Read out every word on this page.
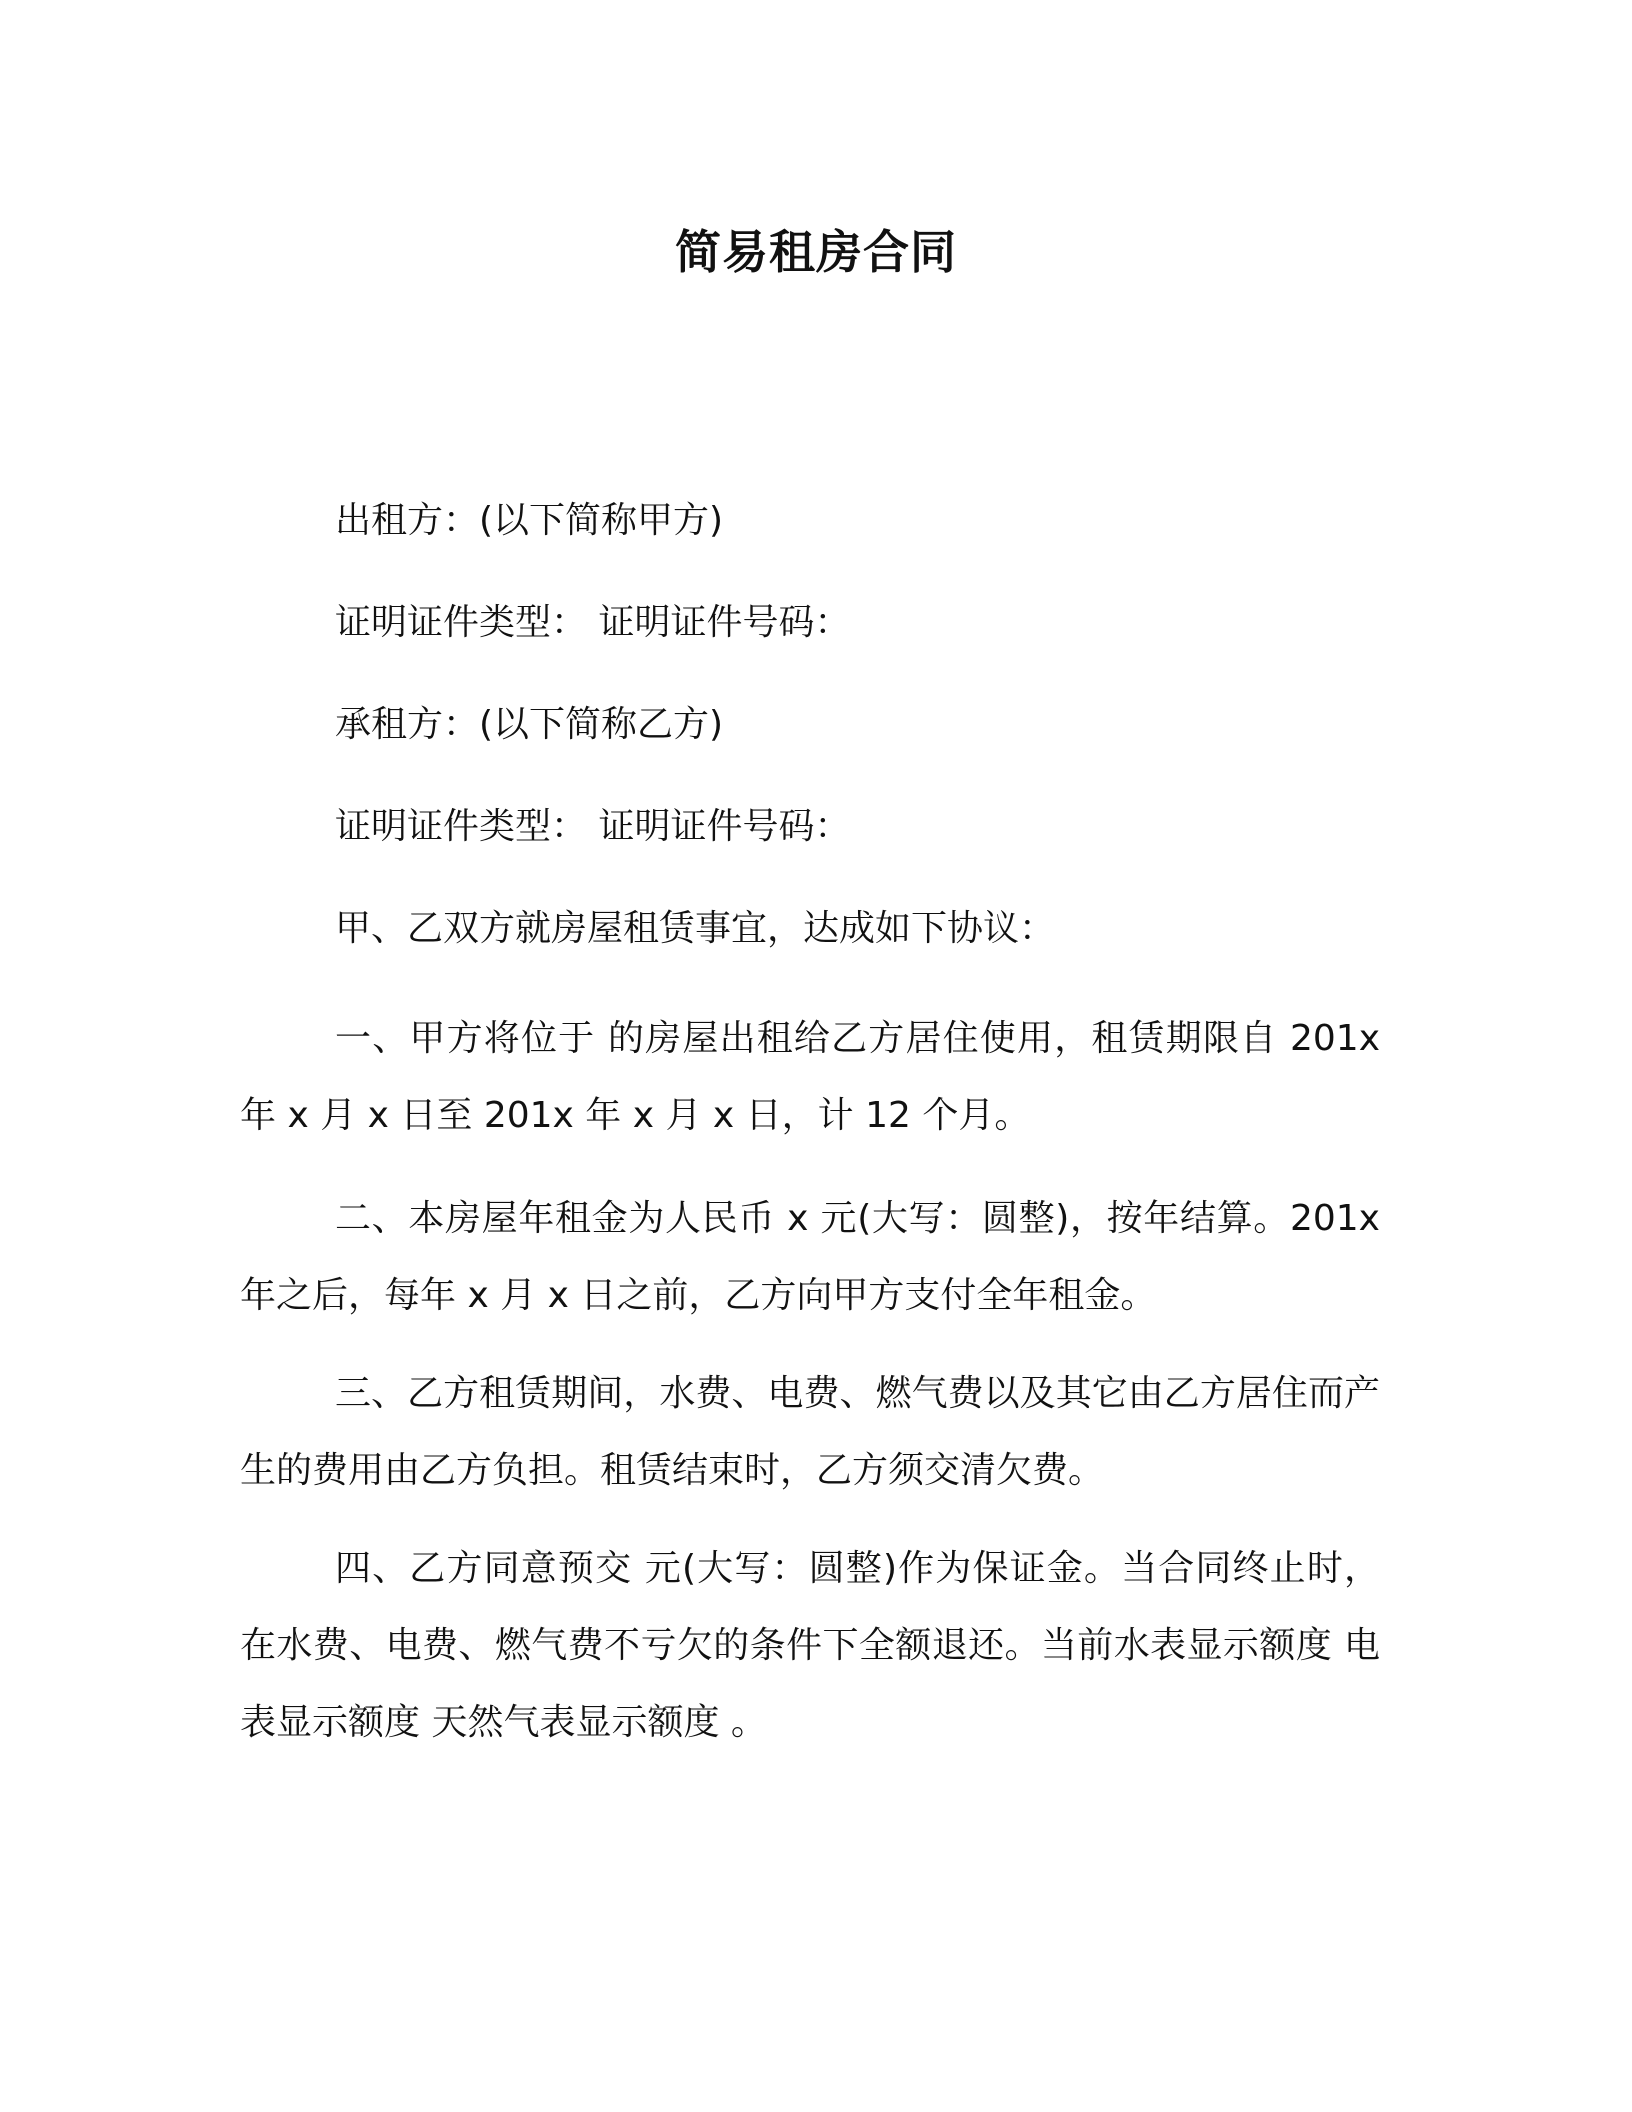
简易租房合同
出租方：(以下简称甲方)
证明证件类型： 证明证件号码：
承租方：(以下简称乙方)
证明证件类型： 证明证件号码：
甲、乙双方就房屋租赁事宜，达成如下协议：
一、甲方将位于 的房屋出租给乙方居住使用，租赁期限自 201x 年 x 月 x 日至 201x 年 x 月 x 日，计 12 个月。
二、本房屋年租金为人民币 x 元(大写：圆整)，按年结算。201x 年之后，每年 x 月 x 日之前，乙方向甲方支付全年租金。
三、乙方租赁期间，水费、电费、燃气费以及其它由乙方居住而产生的费用由乙方负担。租赁结束时，乙方须交清欠费。
四、乙方同意预交 元(大写：圆整)作为保证金。当合同终止时，在水费、电费、燃气费不亏欠的条件下全额退还。当前水表显示额度 电表显示额度 天然气表显示额度 。
